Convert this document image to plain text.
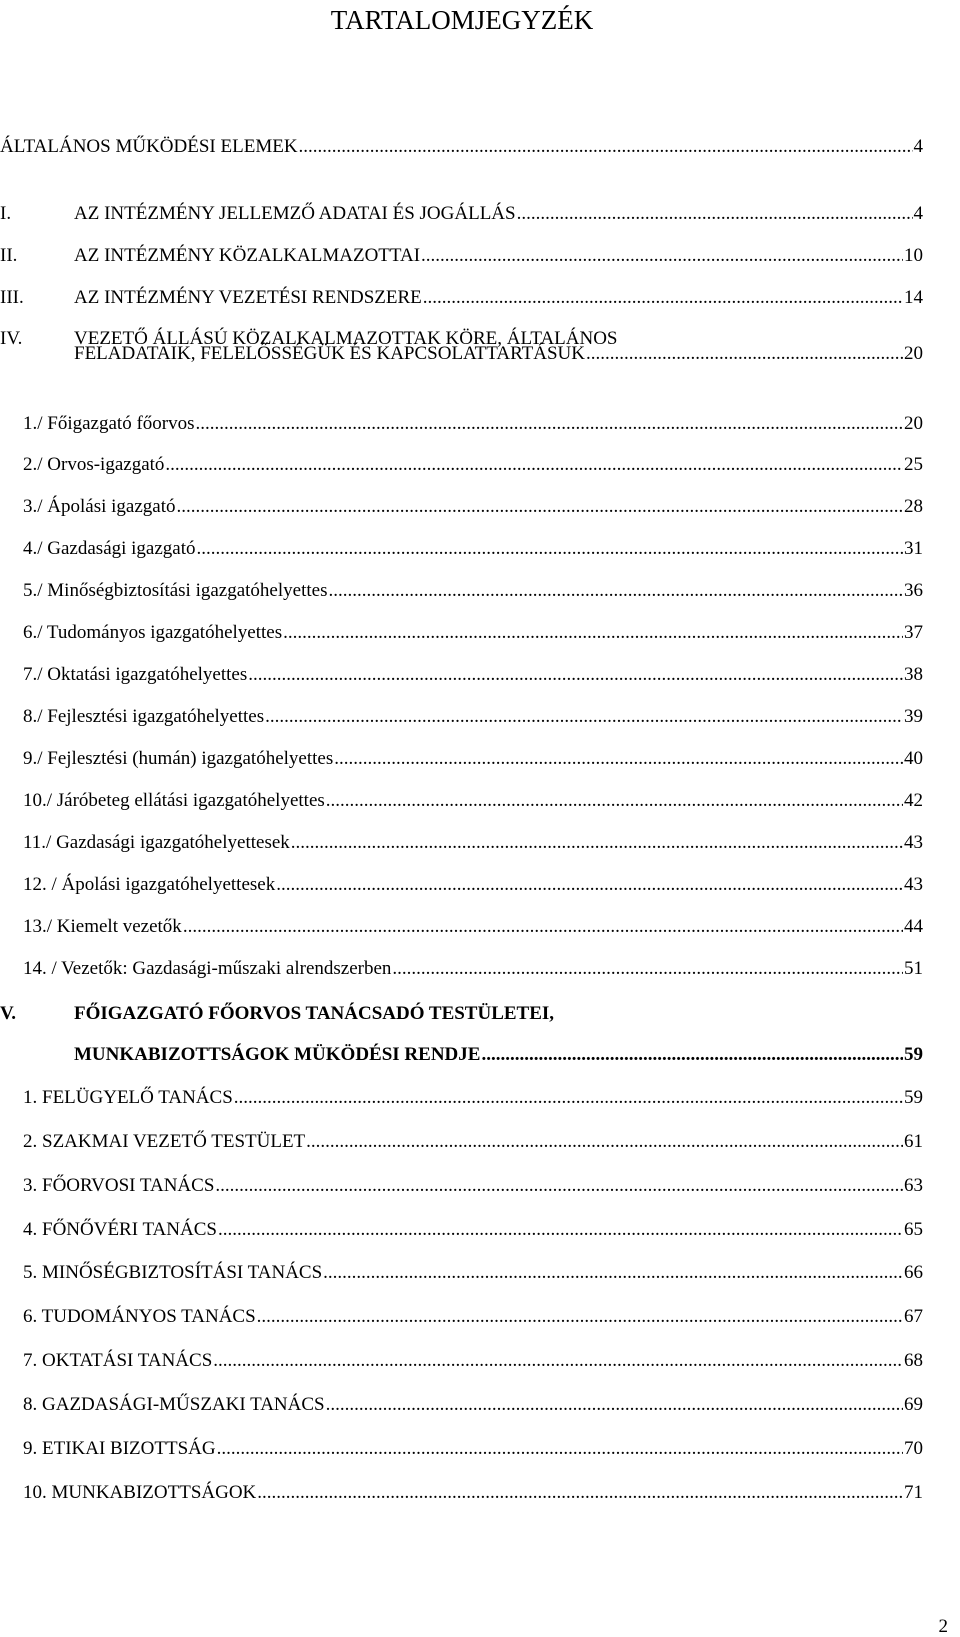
TARTALOMJEGYZÉK
ÁLTALÁNOS MŰKÖDÉSI ELEMEK .....	4
I.	AZ INTÉZMÉNY JELLEMZŐ ADATAI ÉS JOGÁLLÁS .....	4
II.	AZ INTÉZMÉNY KÖZALKALMAZOTTAI .....	10
III.	AZ INTÉZMÉNY VEZETÉSI RENDSZERE .....	14
IV.	VEZETŐ ÁLLÁSÚ KÖZALKALMAZOTTAK KÖRE, ÁLTALÁNOS
FELADATAIK, FELELŐSSÉGÜK ÉS KAPCSOLATTARTÁSUK .....	20
1./ Főigazgató főorvos .....	20
2./ Orvos-igazgató .....	25
3./ Ápolási igazgató .....	28
4./ Gazdasági igazgató .....	31
5./ Minőségbiztosítási igazgatóhelyettes .....	36
6./ Tudományos igazgatóhelyettes .....	37
7./ Oktatási igazgatóhelyettes .....	38
8./ Fejlesztési igazgatóhelyettes .....	39
9./ Fejlesztési (humán) igazgatóhelyettes .....	40
10./ Járóbeteg ellátási igazgatóhelyettes .....	42
11./ Gazdasági igazgatóhelyettesek .....	43
12. / Ápolási igazgatóhelyettesek .....	43
13./ Kiemelt vezetők .....	44
14. / Vezetők: Gazdasági-műszaki alrendszerben .....	51
V.	FŐIGAZGATÓ FŐORVOS TANÁCSADÓ TESTÜLETEI,
MUNKABIZOTTSÁGOK MÜKÖDÉSI RENDJE .....	59
1. FELÜGYELŐ TANÁCS .....	59
2. SZAKMAI VEZETŐ TESTÜLET .....	61
3. FŐORVOSI TANÁCS .....	63
4. FŐNŐVÉRI TANÁCS .....	65
5. MINŐSÉGBIZTOSÍTÁSI TANÁCS .....	66
6. TUDOMÁNYOS TANÁCS .....	67
7. OKTATÁSI TANÁCS .....	68
8. GAZDASÁGI-MŰSZAKI TANÁCS .....	69
9. ETIKAI BIZOTTSÁG .....	70
10. MUNKABIZOTTSÁGOK .....	71
2
